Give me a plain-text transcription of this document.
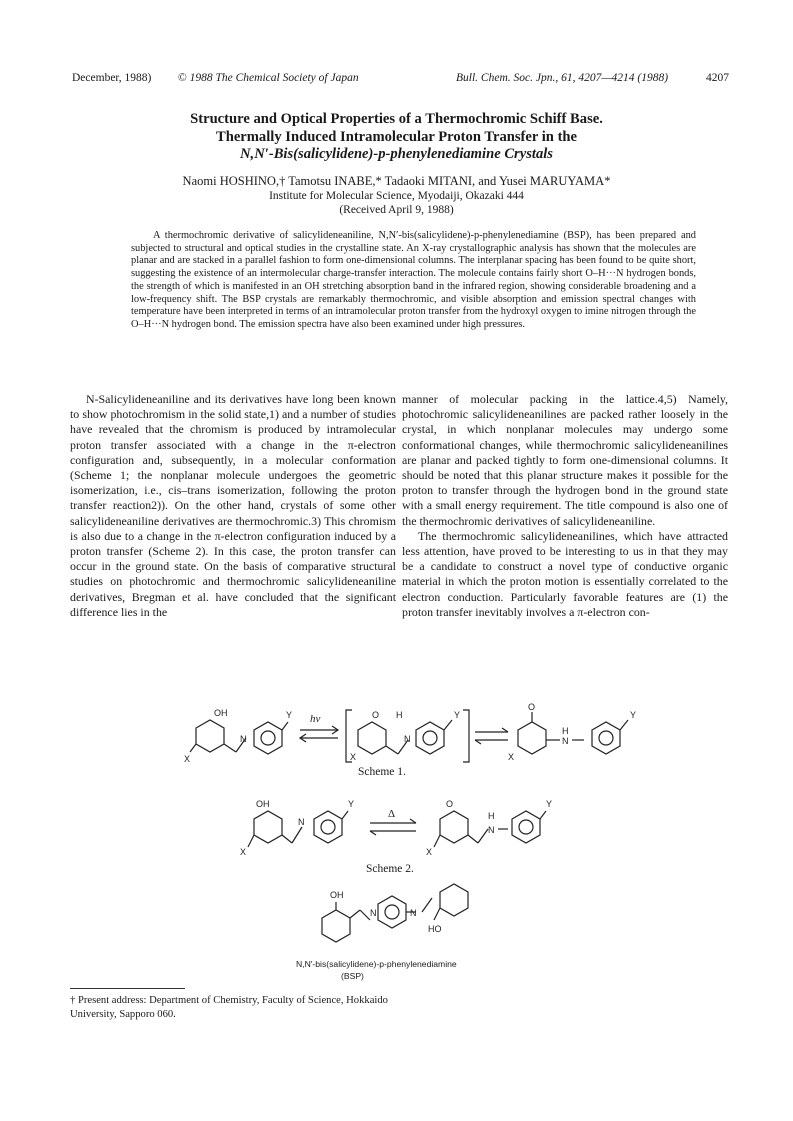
December, 1988) © 1988 The Chemical Society of Japan	Bull. Chem. Soc. Jpn., 61, 4207—4214 (1988)	4207
Structure and Optical Properties of a Thermochromic Schiff Base.
Thermally Induced Intramolecular Proton Transfer in the
N,N′-Bis(salicylidene)-p-phenylenediamine Crystals
Naomi HOSHINO,† Tamotsu INABE,* Tadaoki MITANI, and Yusei MARUYAMA*
Institute for Molecular Science, Myodaiji, Okazaki 444
(Received April 9, 1988)

A thermochromic derivative of salicylideneaniline, N,N′-bis(salicylidene)-p-phenylenediamine (BSP), has been prepared and subjected to structural and optical studies in the crystalline state. An X-ray crystallographic analysis has shown that the molecules are planar and are stacked in a parallel fashion to form one-dimensional columns. The interplanar spacing has been found to be quite short, suggesting the existence of an intermolecular charge-transfer interaction. The molecule contains fairly short O–H···N hydrogen bonds, the strength of which is manifested in an OH stretching absorption band in the infrared region, showing considerable broadening and a low-frequency shift. The BSP crystals are remarkably thermochromic, and visible absorption and emission spectral changes with temperature have been interpreted in terms of an intramolecular proton transfer from the hydroxyl oxygen to imine nitrogen through the O–H···N hydrogen bond. The emission spectra have also been examined under high pressures.

N-Salicylideneaniline and its derivatives have long been known to show photochromism in the solid state,1) and a number of studies have revealed that the chromism is produced by intramolecular proton transfer associated with a change in the π-electron configuration and, subsequently, in a molecular conformation (Scheme 1; the nonplanar molecule undergoes the geometric isomerization, i.e., cis–trans isomerization, following the proton transfer reaction2)). On the other hand, crystals of some other salicylideneaniline derivatives are thermochromic.3) This chromism is also due to a change in the π-electron configuration induced by a proton transfer (Scheme 2). In this case, the proton transfer can occur in the ground state. On the basis of comparative structural studies on photochromic and thermochromic salicylideneaniline derivatives, Bregman et al. have concluded that the significant difference lies in the

manner of molecular packing in the lattice.4,5) Namely, photochromic salicylideneanilines are packed rather loosely in the crystal, in which nonplanar molecules may undergo some conformational changes, while thermochromic salicylideneanilines are planar and packed tightly to form one-dimensional columns. It should be noted that this planar structure makes it possible for the proton to transfer through the hydrogen bond in the ground state with a small energy requirement. The title compound is also one of the thermochromic derivatives of salicylideneaniline.

The thermochromic salicylideneanilines, which have attracted less attention, have proved to be interesting to us in that they may be a candidate to construct a novel type of conductive organic material in which the proton motion is essentially correlated to the electron conduction. Particularly favorable features are (1) the proton transfer inevitably involves a π-electron con-

OH
N
X
Y hν	O H
N
X
Y
O
H
N
X
Y
Scheme 1.
OH
N
X
Y
Δ
O
H
N
X
Y
Scheme 2.
OH
N	N
HO
N,N′-bis(salicylidene)-p-phenylenediamine
(BSP)

† Present address: Department of Chemistry, Faculty of Science, Hokkaido University, Sapporo 060.
